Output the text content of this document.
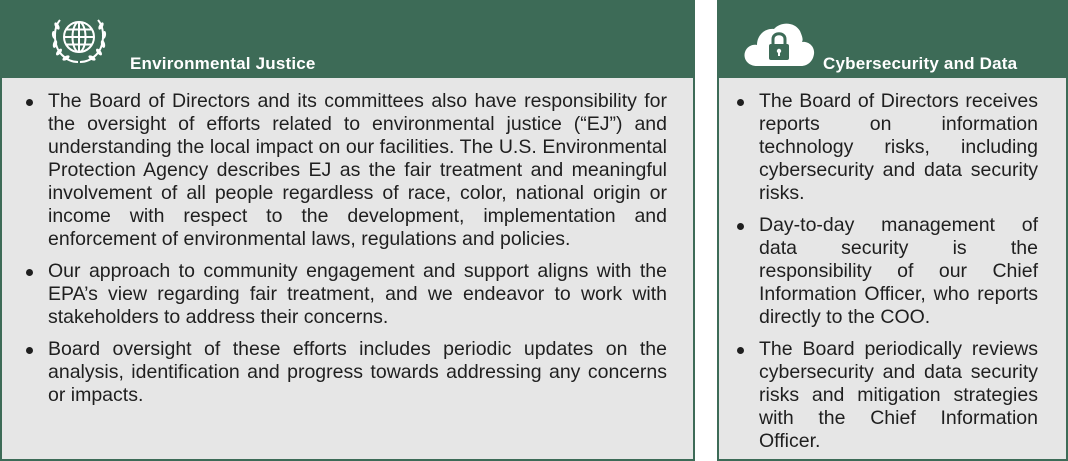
Environmental Justice
The Board of Directors and its committees also have responsibility for the oversight of efforts related to environmental justice (“EJ”) and understanding the local impact on our facilities. The U.S. Environmental Protection Agency describes EJ as the fair treatment and meaningful involvement of all people regardless of race, color, national origin or income with respect to the development, implementation and enforcement of environmental laws, regulations and policies.
Our approach to community engagement and support aligns with the EPA’s view regarding fair treatment, and we endeavor to work with stakeholders to address their concerns.
Board oversight of these efforts includes periodic updates on the analysis, identification and progress towards addressing any concerns or impacts.
Cybersecurity and Data
The Board of Directors receives reports on information technology risks, including cybersecurity and data security risks.
Day-to-day management of data security is the responsibility of our Chief Information Officer, who reports directly to the COO.
The Board periodically reviews cybersecurity and data security risks and mitigation strategies with the Chief Information Officer.
